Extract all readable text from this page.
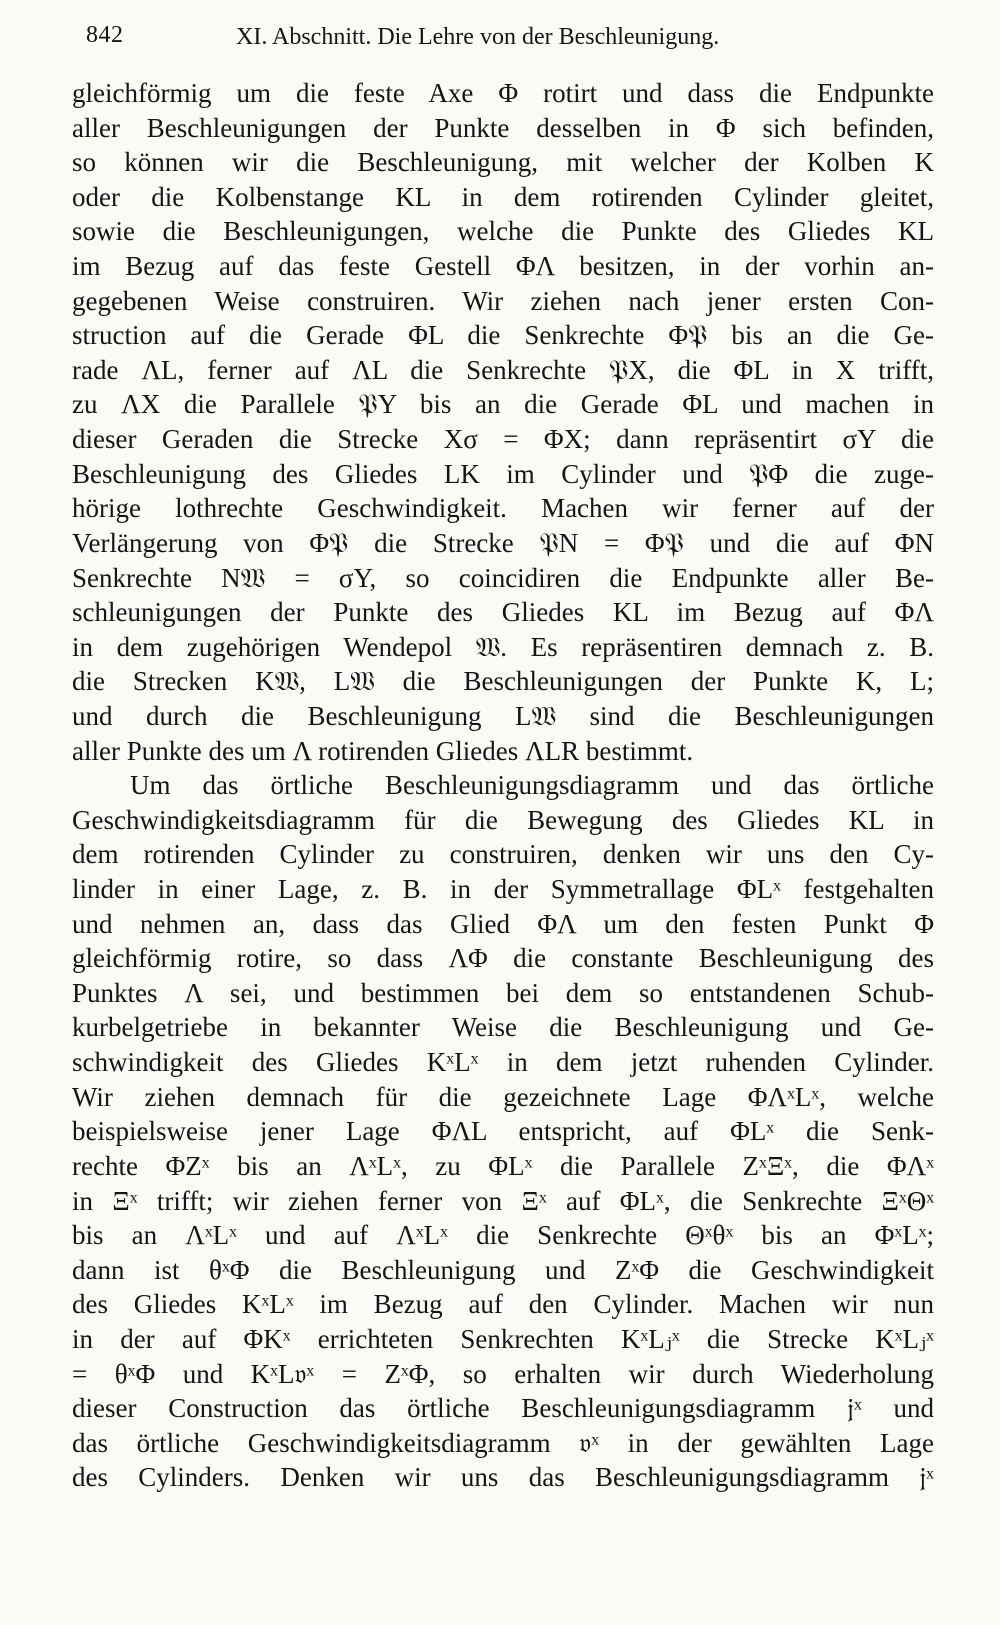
842	XI. Abschnitt. Die Lehre von der Beschleunigung.
gleichförmig um die feste Axe Φ rotirt und dass die Endpunkte
aller Beschleunigungen der Punkte desselben in Φ sich befinden,
so können wir die Beschleunigung, mit welcher der Kolben K
oder die Kolbenstange KL in dem rotirenden Cylinder gleitet,
sowie die Beschleunigungen, welche die Punkte des Gliedes KL
im Bezug auf das feste Gestell ΦΛ besitzen, in der vorhin an-
gegebenen Weise construiren. Wir ziehen nach jener ersten Con-
struction auf die Gerade ΦL die Senkrechte Φ𝔓 bis an die Ge-
rade ΛL, ferner auf ΛL die Senkrechte 𝔓X, die ΦL in X trifft,
zu ΛX die Parallele 𝔓Y bis an die Gerade ΦL und machen in
dieser Geraden die Strecke Xσ = ΦX; dann repräsentirt σY die
Beschleunigung des Gliedes LK im Cylinder und 𝔓Φ die zuge-
hörige lothrechte Geschwindigkeit. Machen wir ferner auf der
Verlängerung von Φ𝔓 die Strecke 𝔓N = Φ𝔓 und die auf ΦN
Senkrechte N𝔚 = σY, so coincidiren die Endpunkte aller Be-
schleunigungen der Punkte des Gliedes KL im Bezug auf ΦΛ
in dem zugehörigen Wendepol 𝔚. Es repräsentiren demnach z. B.
die Strecken K𝔚, L𝔚 die Beschleunigungen der Punkte K, L;
und durch die Beschleunigung L𝔚 sind die Beschleunigungen
aller Punkte des um Λ rotirenden Gliedes ΛLR bestimmt.
Um das örtliche Beschleunigungsdiagramm und das örtliche
Geschwindigkeitsdiagramm für die Bewegung des Gliedes KL in
dem rotirenden Cylinder zu construiren, denken wir uns den Cy-
linder in einer Lage, z. B. in der Symmetrallage ΦLˣ festgehalten
und nehmen an, dass das Glied ΦΛ um den festen Punkt Φ
gleichförmig rotire, so dass ΛΦ die constante Beschleunigung des
Punktes Λ sei, und bestimmen bei dem so entstandenen Schub-
kurbelgetriebe in bekannter Weise die Beschleunigung und Ge-
schwindigkeit des Gliedes KˣLˣ in dem jetzt ruhenden Cylinder.
Wir ziehen demnach für die gezeichnete Lage ΦΛˣLˣ, welche
beispielsweise jener Lage ΦΛL entspricht, auf ΦLˣ die Senk-
rechte ΦZˣ bis an ΛˣLˣ, zu ΦLˣ die Parallele ZˣΞˣ, die ΦΛˣ
in Ξˣ trifft; wir ziehen ferner von Ξˣ auf ΦLˣ, die Senkrechte ΞˣΘˣ
bis an ΛˣLˣ und auf ΛˣLˣ die Senkrechte Θˣθˣ bis an ΦˣLˣ;
dann ist θˣΦ die Beschleunigung und ZˣΦ die Geschwindigkeit
des Gliedes KˣLˣ im Bezug auf den Cylinder. Machen wir nun
in der auf ΦKˣ errichteten Senkrechten KˣLⱼˣ die Strecke KˣLⱼˣ
= θˣΦ und KˣL𝔳ˣ = ZˣΦ, so erhalten wir durch Wiederholung
dieser Construction das örtliche Beschleunigungsdiagramm 𝔧ˣ und
das örtliche Geschwindigkeitsdiagramm 𝔳ˣ in der gewählten Lage
des Cylinders. Denken wir uns das Beschleunigungsdiagramm 𝔧ˣ
